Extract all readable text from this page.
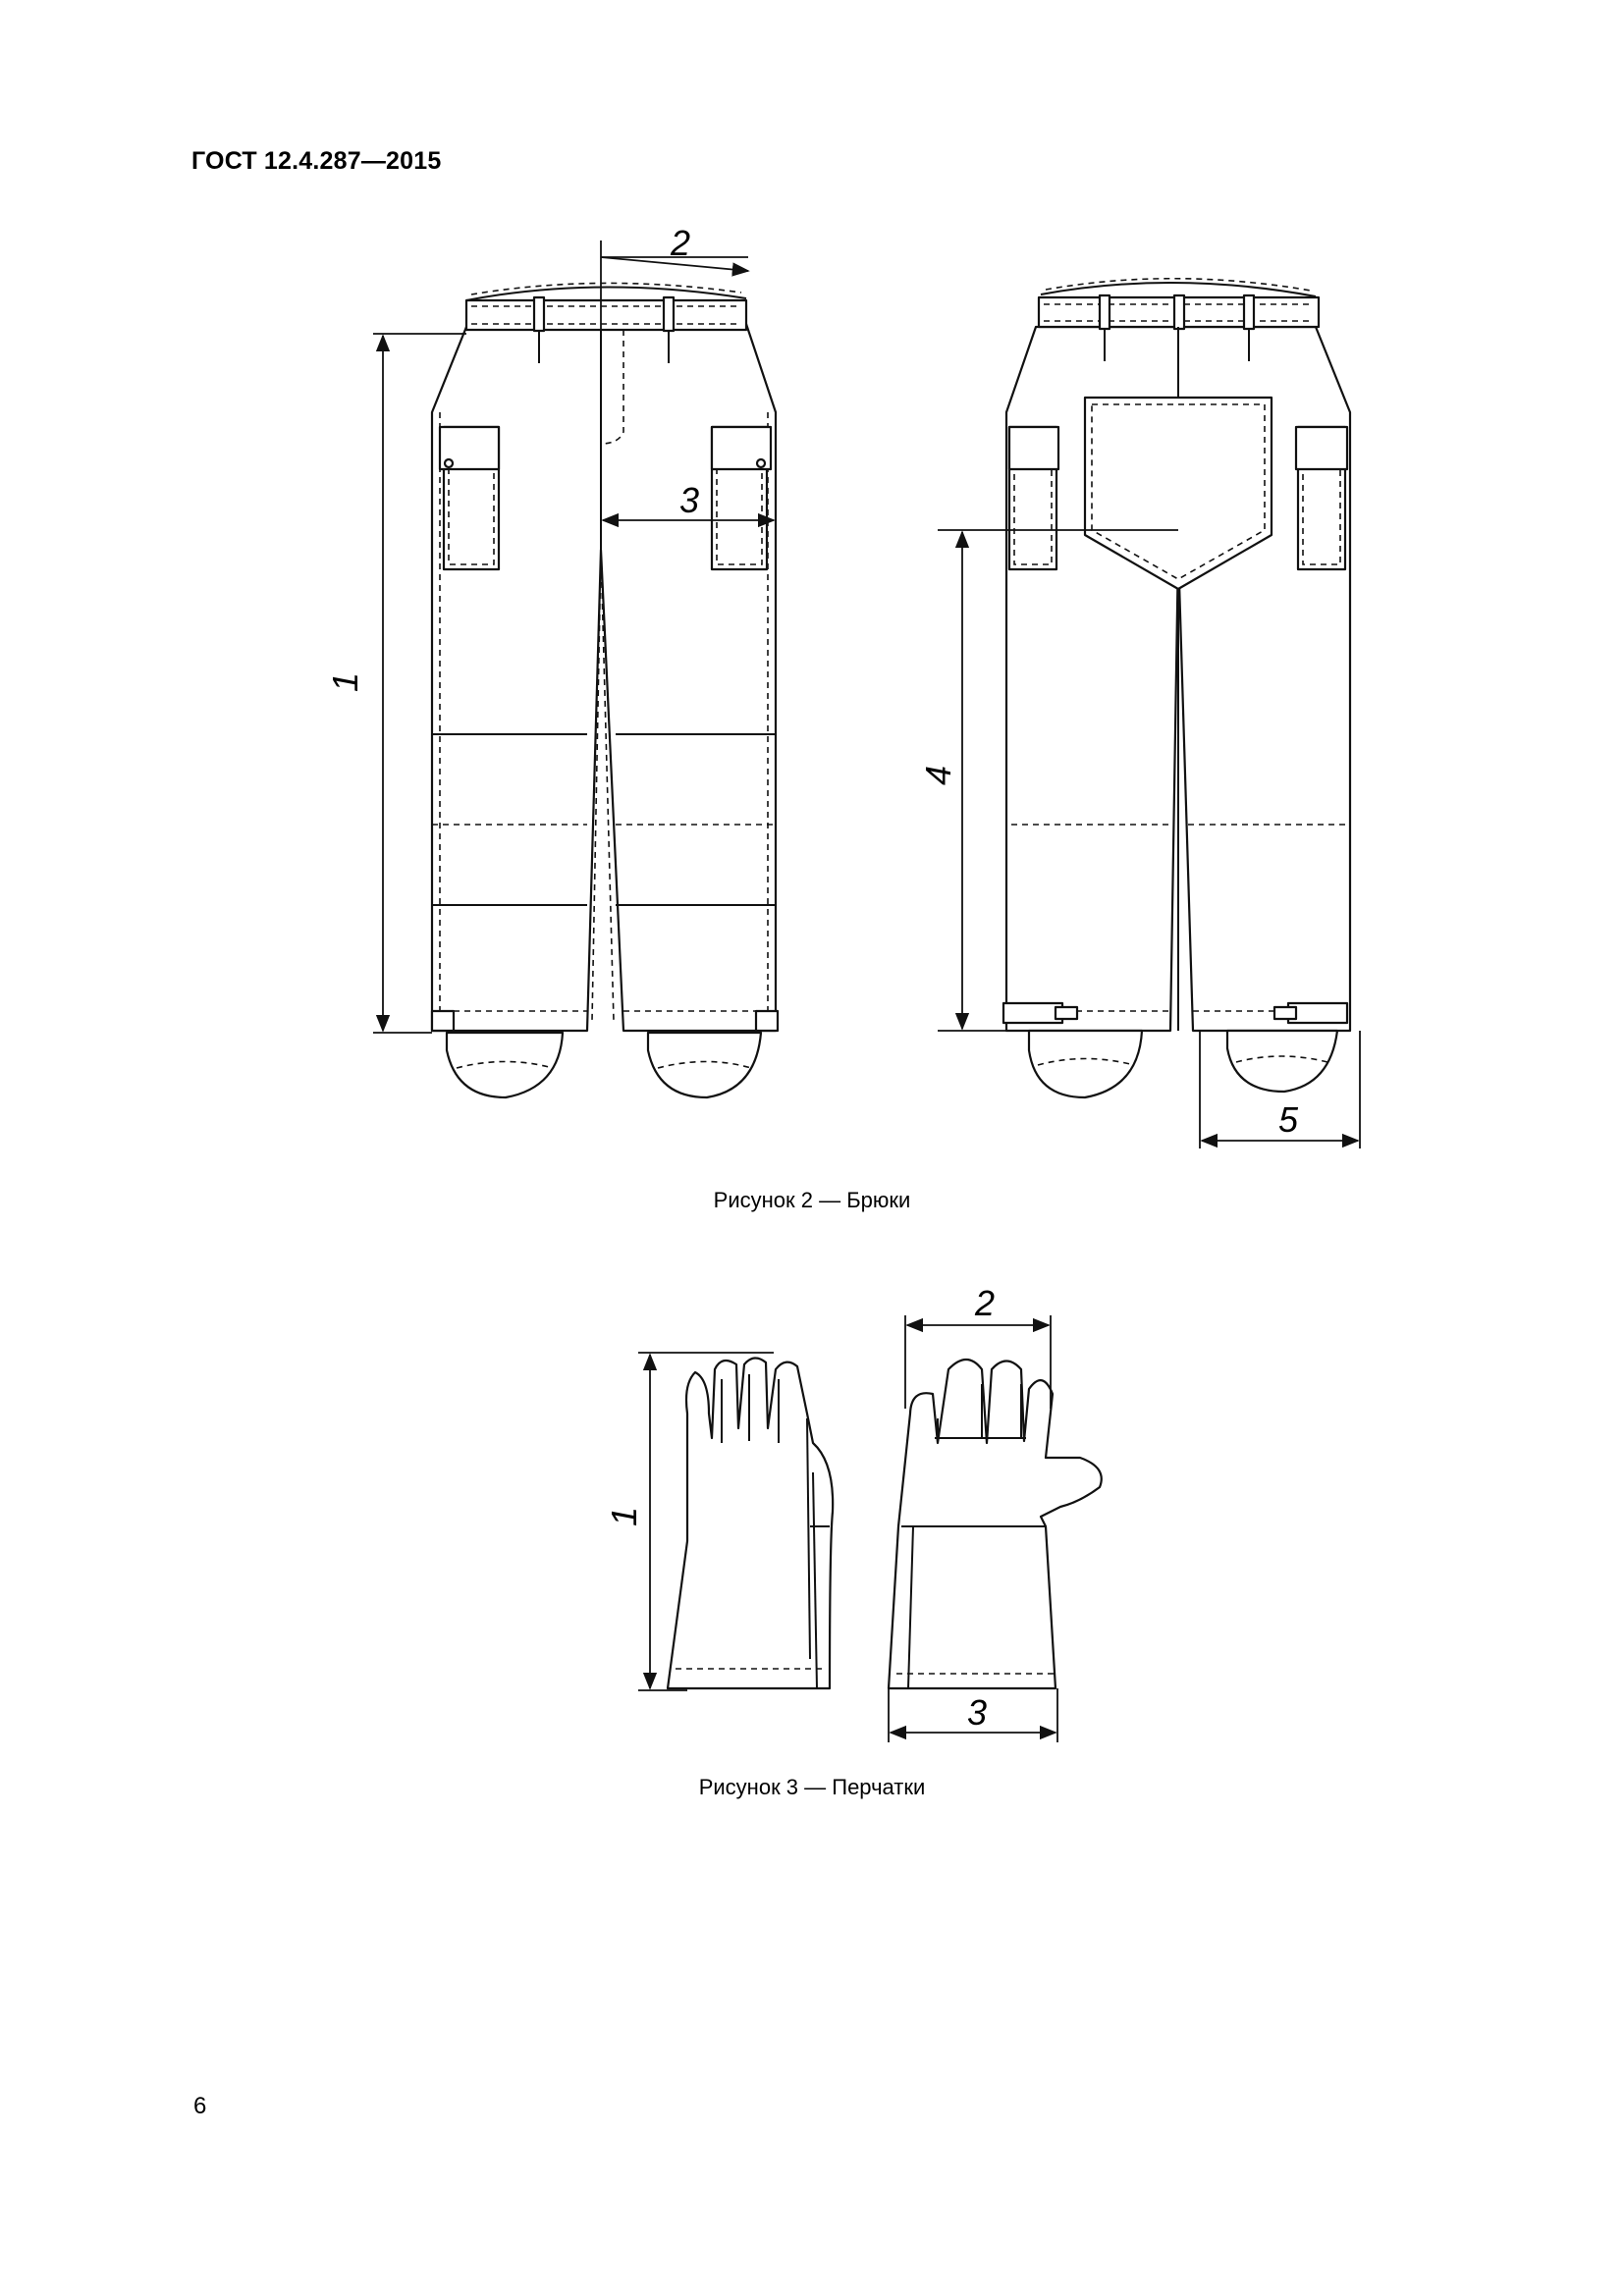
ГОСТ 12.4.287—2015
1
2
3
4
5
Рисунок 2 — Брюки
1
2
3
Рисунок 3 — Перчатки
6
